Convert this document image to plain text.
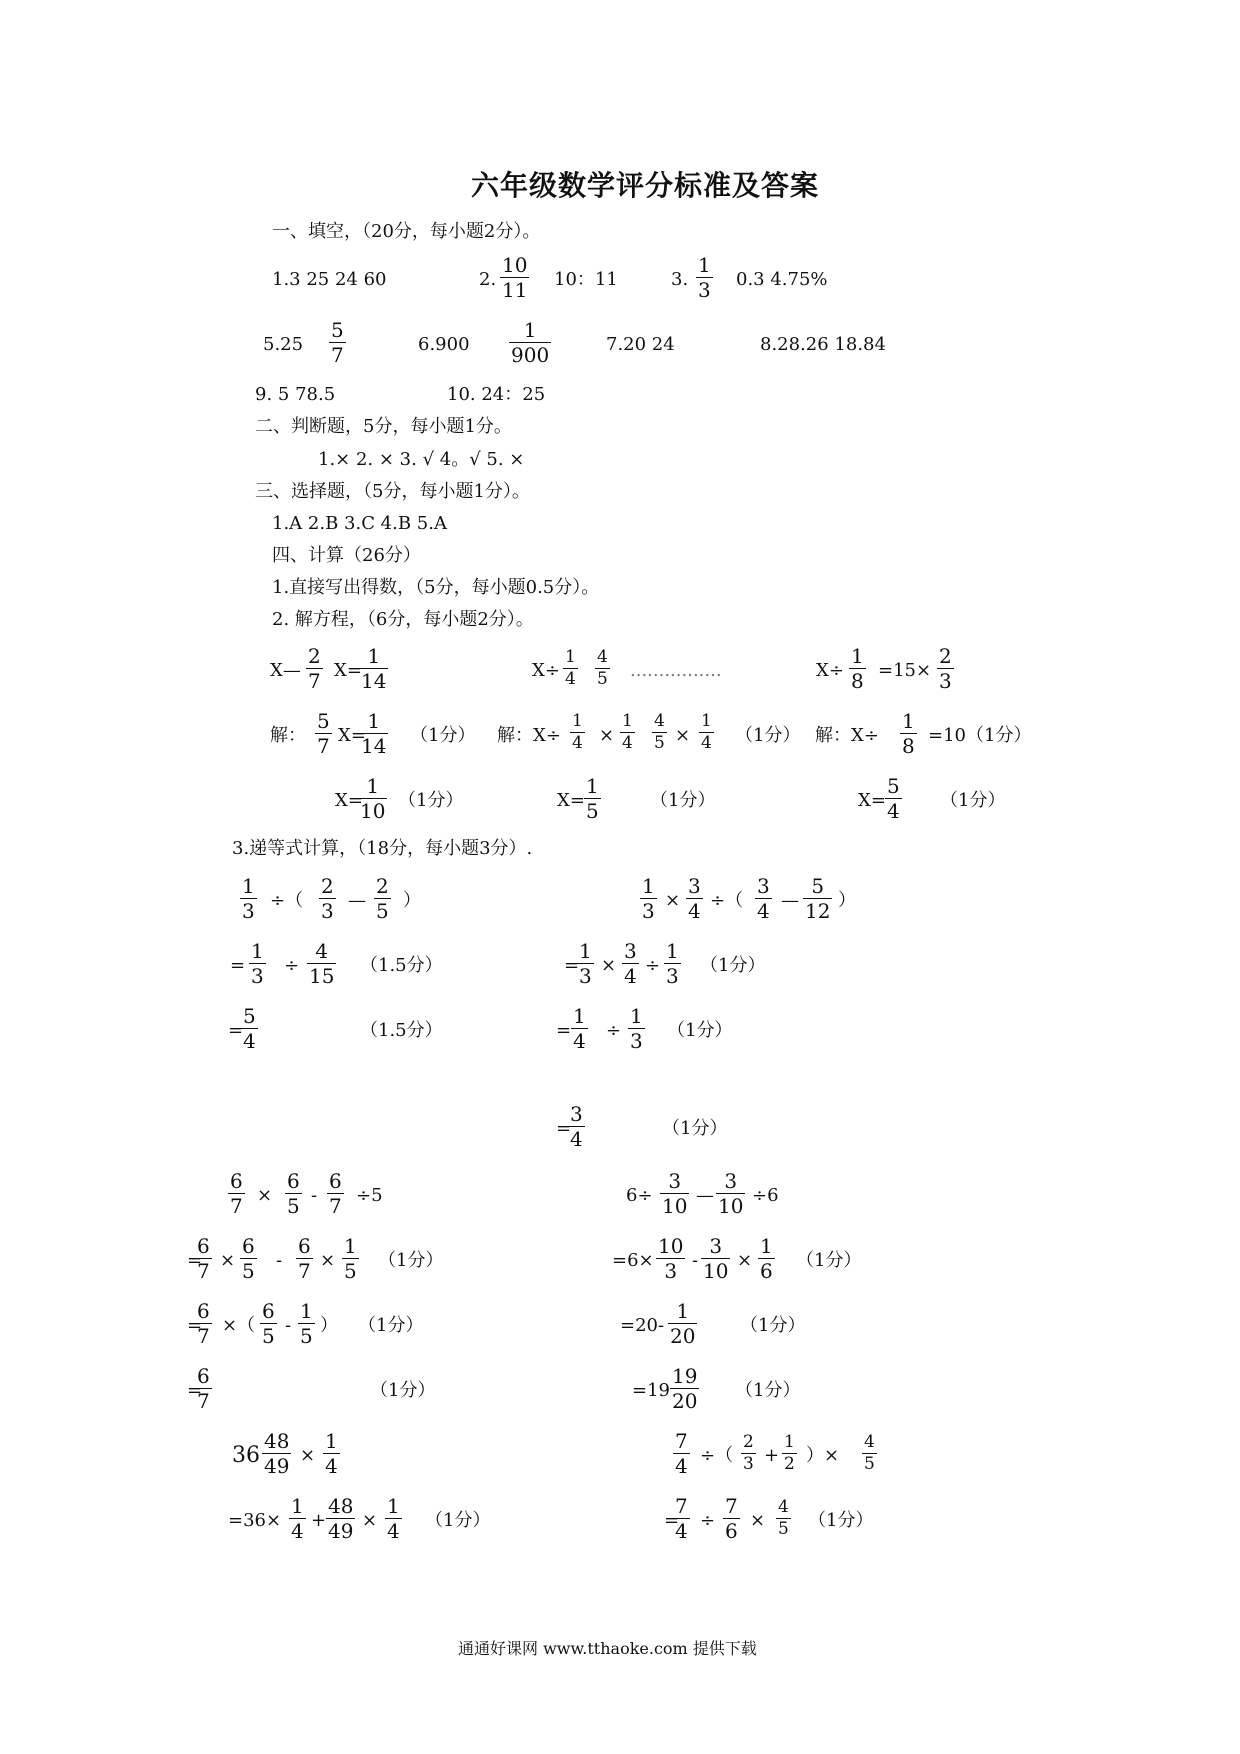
六年级数学评分标准及答案
一、填空，（20分，每小题2分）。
1.3 25 24 60	2.
10
11 10：11	3.
1
3 0.3 4.75%
5.25
5
7	6.900
1
900	7.20 24	8.28.26 18.84
9. 5 78.5	10. 24：25
二、判断题，5分，每小题1分。
1.× 2. × 3. √ 4。√ 5. ×
三、选择题，（5分，每小题1分）。
1.A 2.B 3.C 4.B 5.A
四、计算（26分）
1.直接写出得数，（5分，每小题0.5分）。
2. 解方程，（6分，每小题2分）。
X—
2
7 X=
1
14
解：
5
7 X=
1
14 （1分）
X=
1
10 （1分）
X÷
1
4
4
5 ................
解：X÷
1
4 ×
1
4
4
5 ×
1
4 （1分）
X=
1
5	（1分）
X÷
1
8 =15×
2
3
解：X÷
1
8 =10（1分）
X=
5
4 （1分）
3.递等式计算，（18分，每小题3分）.
1
3 ÷（
2
3 —
2
5 ）
=
1
3 ÷
4
15 （1.5分）
=
5
4	（1.5分）
1
3 ×
3
4 ÷（
3
4 —
5
12 ）
=
1
3 ×
3
4 ÷
1
3 （1分）
=
1
4 ÷
1
3 （1分）
=
3
4	（1分）
6
7 ×
6
5 -
6
7 ÷5
=
6
7 ×
6
5 -
6
7 ×
1
5 （1分）
=
6
7 ×（
6
5 -
1
5 ） （1分）
=
6
7	（1分）
6÷
3
10 —
3
10 ÷6
=6×
10
3 -
3
10 ×
1
6 （1分）
=20-
1
20 （1分）
=19
19
20 （1分）
36
48
49 ×
1
4
=36×
1
4 +
48
49 ×
1
4 （1分）
7
4 ÷（
2
3 +
1
2 ）×
4
5
=
7
4 ÷
7
6 ×
4
5 （1分）
通通好课网 www.tthaoke.com 提供下载
